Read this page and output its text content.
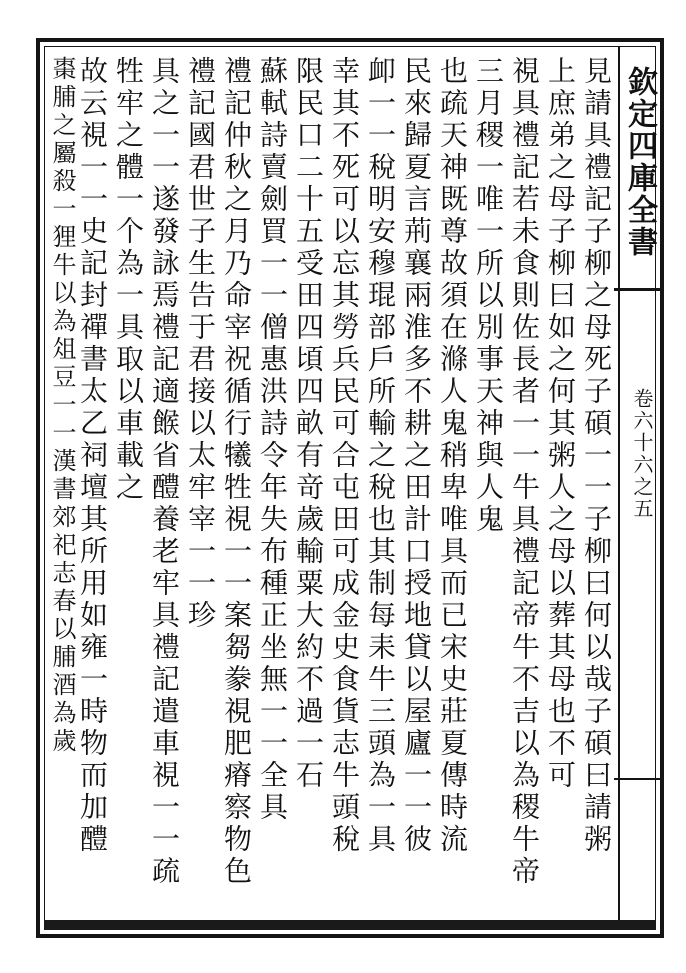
欽定四庫全書
卷六十六之五
見請具禮記子柳之母死子碩一一子柳曰何以哉子碩曰請粥
上庶弟之母子柳曰如之何其粥人之母以葬其母也不可
視具禮記若未食則佐長者一一牛具禮記帝牛不吉以為稷牛帝
三月稷一唯一所以別事天神與人鬼
也疏天神既尊故須在滌人鬼稍卑唯具而已宋史莊夏傳時流
民來歸夏言荊襄兩淮多不耕之田計口授地貸以屋廬一一彼
卹一一稅明安穆琨部戶所輸之稅也其制每耒牛三頭為一具
幸其不死可以忘其勞兵民可合屯田可成金史食貨志牛頭稅
限民口二十五受田四頃四畝有竒歲輸粟大約不過一石
蘇軾詩賣劍買一一僧惠洪詩令年失布種正坐無一一全具
禮記仲秋之月乃命宰祝循行犧牲視一一案芻豢視肥瘠察物色
禮記國君世子生告于君接以太牢宰一一珍
具之一一遂發詠焉禮記適餱省醴養老牢具禮記遣車視一一疏
牲牢之體一个為一具取以車載之
故云視一一史記封禪書太乙祠壇其所用如雍一時物而加醴
棗脯之屬殺一狸牛以為俎豆一一漢書郊祀志春以脯酒為歲
